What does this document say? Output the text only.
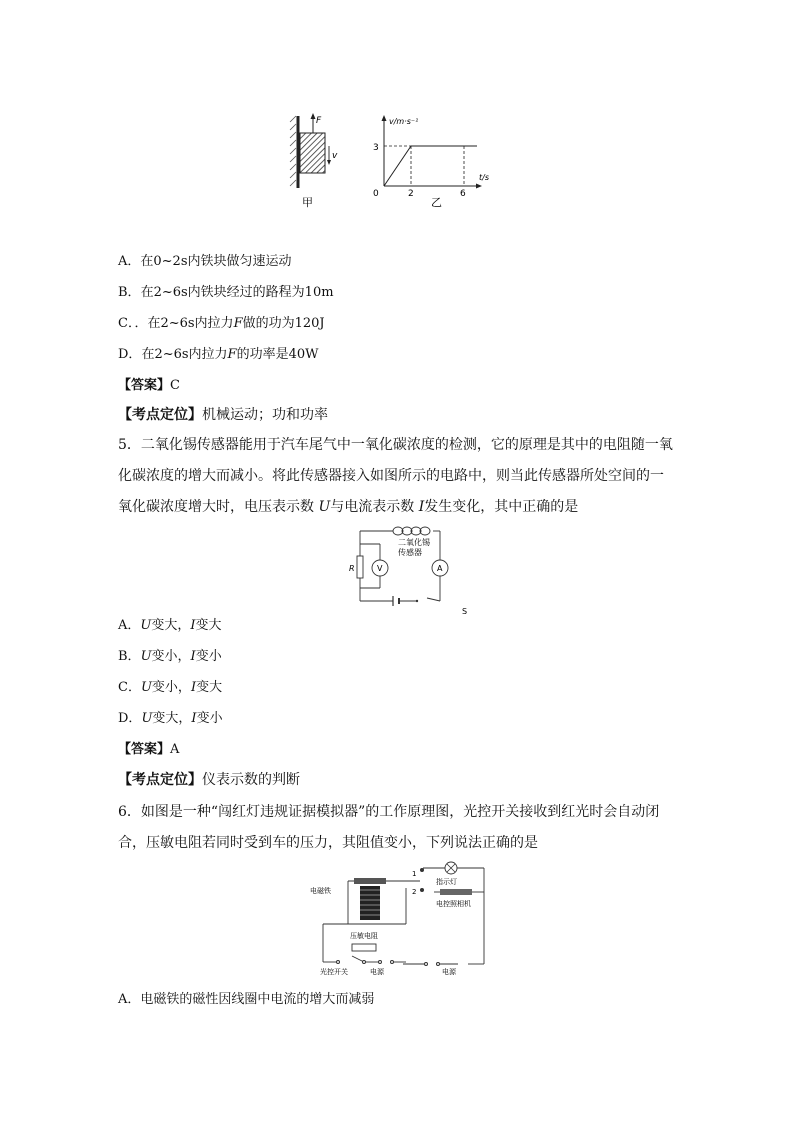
F
v
甲
v/m·s⁻¹
t/s
0
3
2	6
乙
A．在0~2s内铁块做匀速运动
B．在2~6s内铁块经过的路程为10m
C．．在2~6s内拉力F做的功为120J
D．在2~6s内拉力F的功率是40W
【答案】C
【考点定位】机械运动；功和功率
5．二氧化锡传感器能用于汽车尾气中一氧化碳浓度的检测，它的原理是其中的电阻随一氧
化碳浓度的增大而减小。将此传感器接入如图所示的电路中，则当此传感器所处空间的一
氧化碳浓度增大时，电压表示数 U与电流表示数 I发生变化，其中正确的是
二氧化锡
传感器
R	V	A
S
A．U变大，I变大
B．U变小，I变小
C．U变小，I变大
D．U变大，I变小
【答案】A
【考点定位】仪表示数的判断
6．如图是一种“闯红灯违规证据模拟器”的工作原理图，光控开关接收到红光时会自动闭
合，压敏电阻若同时受到车的压力，其阻值变小，下列说法正确的是
电磁铁
压敏电阻
1
2
指示灯
电控照相机
光控开关	电源	电源
A．电磁铁的磁性因线圈中电流的增大而减弱
